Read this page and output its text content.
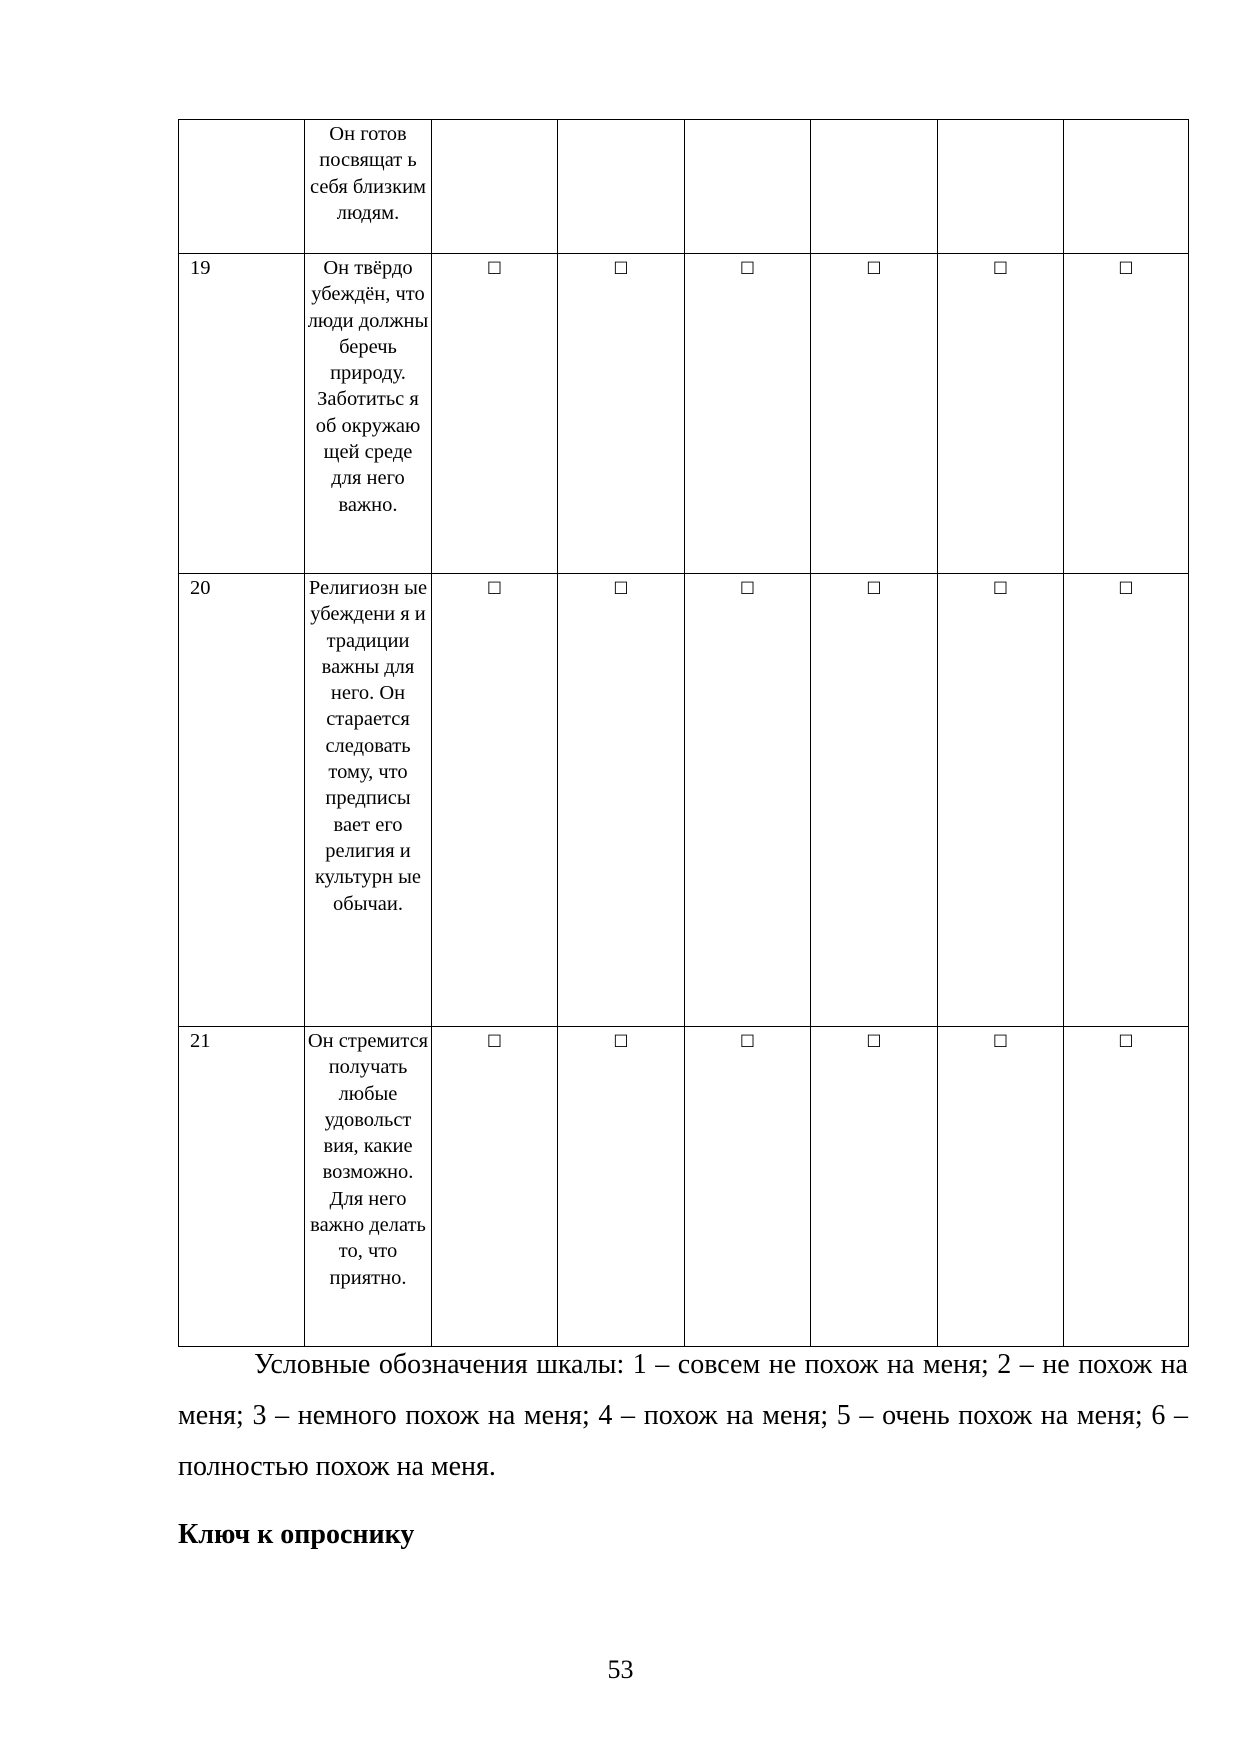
	Он готов посвящат ь себя близким людям.						
19	Он твёрдо убеждён, что люди должны беречь природу. Заботитьс я об окружаю щей среде для него важно.	☐	☐	☐	☐	☐	☐
20	Религиозн ые убеждени я и традиции важны для него. Он старается следовать тому, что предписы вает его религия и культурн ые обычаи.	☐	☐	☐	☐	☐	☐
21	Он стремится получать любые удовольст вия, какие возможно. Для него важно делать то, что приятно.	☐	☐	☐	☐	☐	☐

Условные обозначения шкалы: 1 – совсем не похож на меня; 2 – не похож на меня; 3 – немного похож на меня; 4 – похож на меня; 5 – очень похож на меня; 6 – полностью похож на меня.

Ключ к опроснику
53
